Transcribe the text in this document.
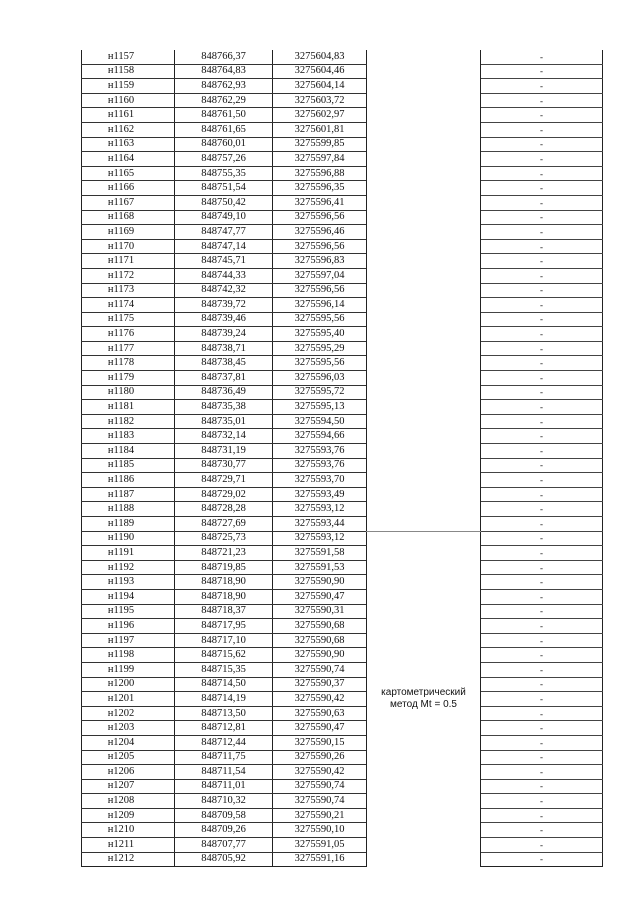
н1157	848766,37	3275604,83		-
н1158	848764,83	3275604,46		-
н1159	848762,93	3275604,14		-
н1160	848762,29	3275603,72		-
н1161	848761,50	3275602,97		-
н1162	848761,65	3275601,81		-
н1163	848760,01	3275599,85		-
н1164	848757,26	3275597,84		-
н1165	848755,35	3275596,88		-
н1166	848751,54	3275596,35		-
н1167	848750,42	3275596,41		-
н1168	848749,10	3275596,56		-
н1169	848747,77	3275596,46		-
н1170	848747,14	3275596,56		-
н1171	848745,71	3275596,83		-
н1172	848744,33	3275597,04		-
н1173	848742,32	3275596,56		-
н1174	848739,72	3275596,14		-
н1175	848739,46	3275595,56		-
н1176	848739,24	3275595,40		-
н1177	848738,71	3275595,29		-
н1178	848738,45	3275595,56		-
н1179	848737,81	3275596,03		-
н1180	848736,49	3275595,72		-
н1181	848735,38	3275595,13		-
н1182	848735,01	3275594,50		-
н1183	848732,14	3275594,66		-
н1184	848731,19	3275593,76		-
н1185	848730,77	3275593,76		-
н1186	848729,71	3275593,70		-
н1187	848729,02	3275593,49		-
н1188	848728,28	3275593,12		-
н1189	848727,69	3275593,44		-
н1190	848725,73	3275593,12	картометрический
метод Mt = 0.5	-
н1191	848721,23	3275591,58		-
н1192	848719,85	3275591,53		-
н1193	848718,90	3275590,90		-
н1194	848718,90	3275590,47		-
н1195	848718,37	3275590,31		-
н1196	848717,95	3275590,68		-
н1197	848717,10	3275590,68		-
н1198	848715,62	3275590,90		-
н1199	848715,35	3275590,74		-
н1200	848714,50	3275590,37		-
н1201	848714,19	3275590,42		-
н1202	848713,50	3275590,63		-
н1203	848712,81	3275590,47		-
н1204	848712,44	3275590,15		-
н1205	848711,75	3275590,26		-
н1206	848711,54	3275590,42		-
н1207	848711,01	3275590,74		-
н1208	848710,32	3275590,74		-
н1209	848709,58	3275590,21		-
н1210	848709,26	3275590,10		-
н1211	848707,77	3275591,05		-
н1212	848705,92	3275591,16		-
